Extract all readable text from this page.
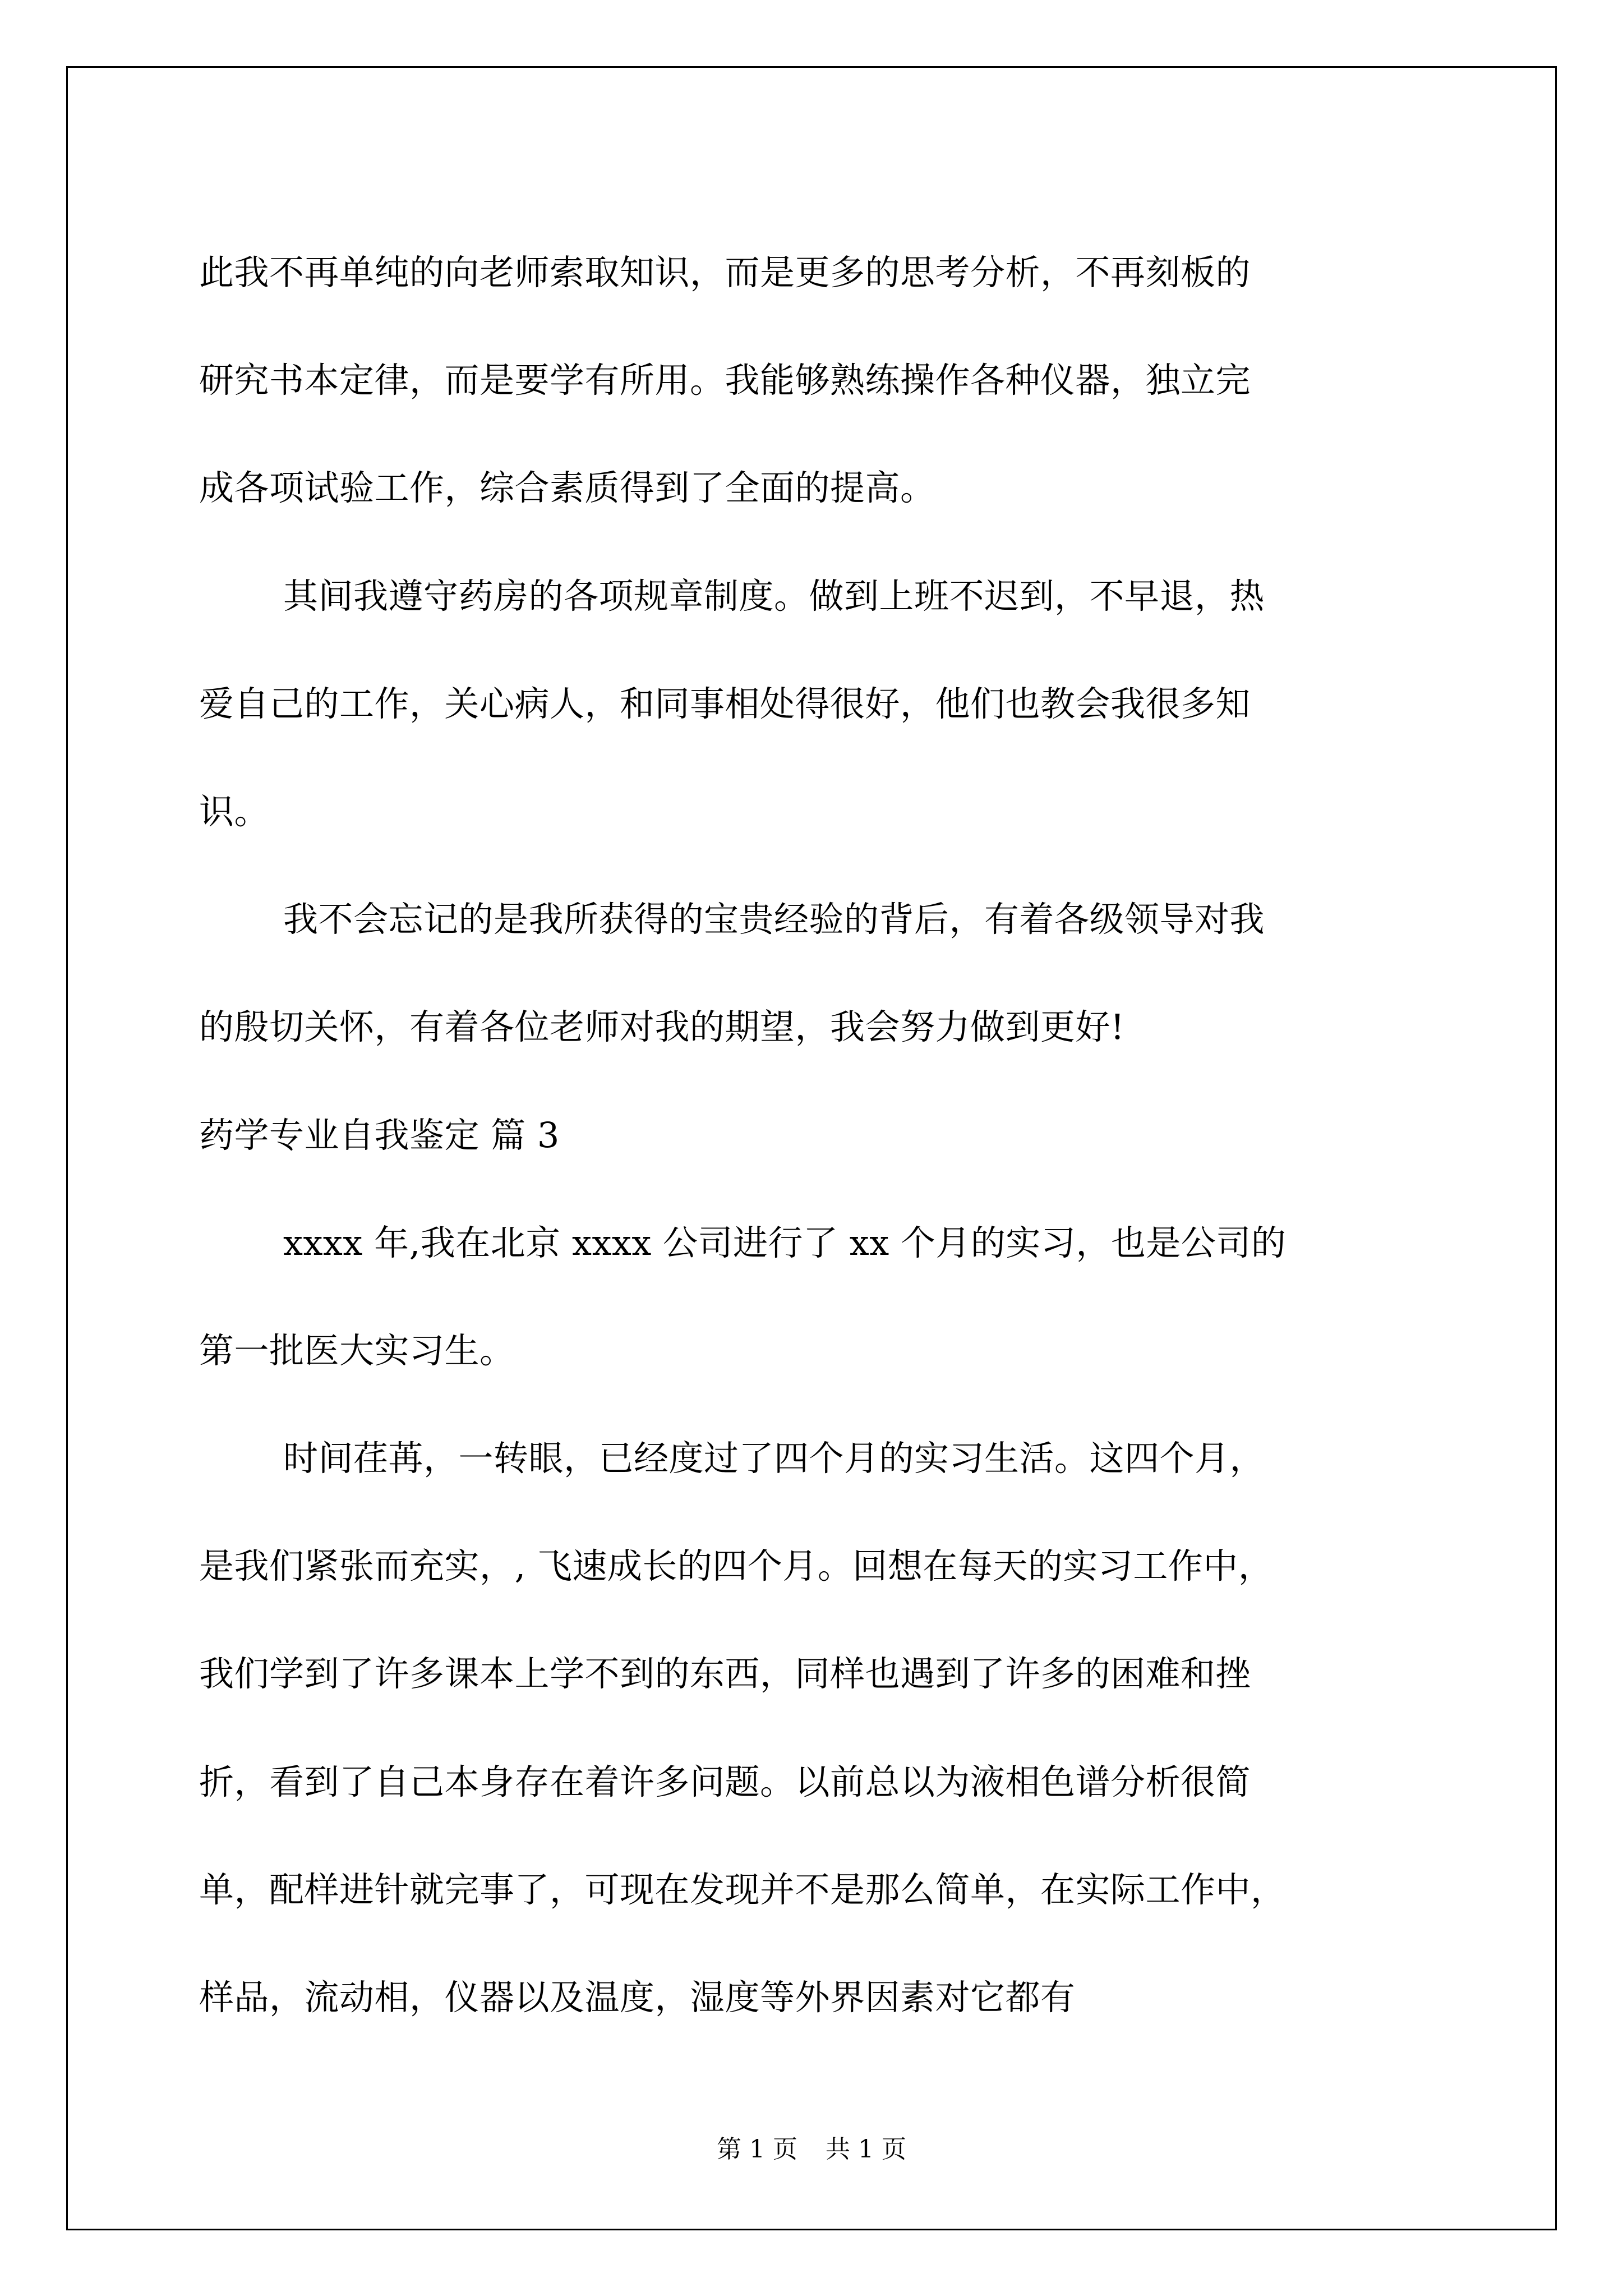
此我不再单纯的向老师索取知识，而是更多的思考分析，不再刻板的
研究书本定律，而是要学有所用。我能够熟练操作各种仪器，独立完
成各项试验工作，综合素质得到了全面的提高。
其间我遵守药房的各项规章制度。做到上班不迟到，不早退，热
爱自己的工作，关心病人，和同事相处得很好，他们也教会我很多知
识。
我不会忘记的是我所获得的宝贵经验的背后，有着各级领导对我
的殷切关怀，有着各位老师对我的期望，我会努力做到更好!
药学专业自我鉴定 篇 3
xxxx 年,我在北京 xxxx 公司进行了 xx 个月的实习，也是公司的
第一批医大实习生。
时间荏苒，一转眼，已经度过了四个月的实习生活。这四个月，
是我们紧张而充实，, 飞速成长的四个月。回想在每天的实习工作中，
我们学到了许多课本上学不到的东西，同样也遇到了许多的困难和挫
折，看到了自己本身存在着许多问题。以前总以为液相色谱分析很简
单，配样进针就完事了，可现在发现并不是那么简单，在实际工作中，
样品，流动相，仪器以及温度，湿度等外界因素对它都有
第 1 页 共 1 页
